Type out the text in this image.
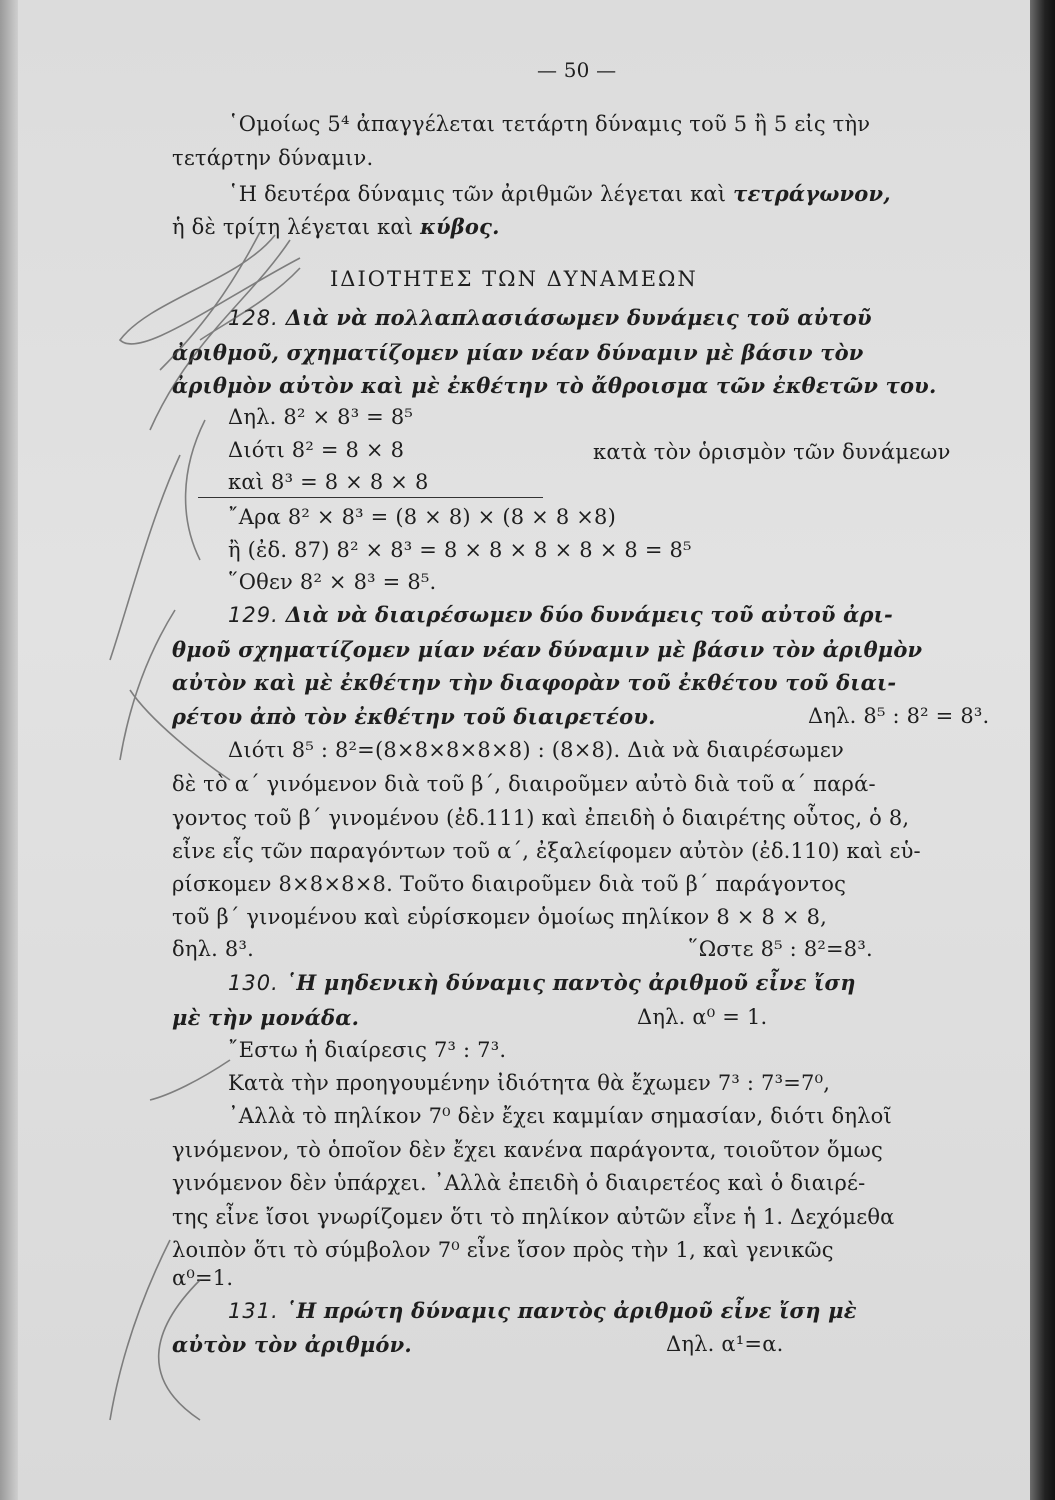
— 50 —
῾Ομοίως 5⁴ ἀπαγγέλεται τετάρτη δύναμις τοῦ 5 ἢ 5 εἰς τὴν
τετάρτην δύναμιν.
῾Η δευτέρα δύναμις τῶν ἀριθμῶν λέγεται καὶ τετράγωνον,
ἡ δὲ τρίτη λέγεται καὶ κύβος.
ΙΔΙΟΤΗΤΕΣ ΤΩΝ ΔΥΝΑΜΕΩΝ
128. Διὰ νὰ πολλαπλασιάσωμεν δυνάμεις τοῦ αὐτοῦ
ἀριθμοῦ, σχηματίζομεν μίαν νέαν δύναμιν μὲ βάσιν τὸν
ἀριθμὸν αὐτὸν καὶ μὲ ἐκθέτην τὸ ἄθροισμα τῶν ἐκθετῶν του.
Δηλ. 8² × 8³ = 8⁵
Διότι 8² = 8 × 8	κατὰ τὸν ὁρισμὸν τῶν δυνάμεων
καὶ 8³ = 8 × 8 × 8
῎Αρα 8² × 8³ = (8 × 8) × (8 × 8 ×8)
ἢ (ἐδ. 87) 8² × 8³ = 8 × 8 × 8 × 8 × 8 = 8⁵
῞Οθεν 8² × 8³ = 8⁵.
129. Διὰ νὰ διαιρέσωμεν δύο δυνάμεις τοῦ αὐτοῦ ἀρι-
θμοῦ σχηματίζομεν μίαν νέαν δύναμιν μὲ βάσιν τὸν ἀριθμὸν
αὐτὸν καὶ μὲ ἐκθέτην τὴν διαφορὰν τοῦ ἐκθέτου τοῦ διαι-
ρέτου ἀπὸ τὸν ἐκθέτην τοῦ διαιρετέου.	Δηλ. 8⁵ : 8² = 8³.
Διότι 8⁵ : 8²=(8×8×8×8×8) : (8×8). Διὰ νὰ διαιρέσωμεν
δὲ τὸ α΄ γινόμενον διὰ τοῦ β΄, διαιροῦμεν αὐτὸ διὰ τοῦ α΄ παρά-
γοντος τοῦ β΄ γινομένου (ἐδ.111) καὶ ἐπειδὴ ὁ διαιρέτης οὗτος, ὁ 8,
εἶνε εἷς τῶν παραγόντων τοῦ α΄, ἐξαλείφομεν αὐτὸν (ἐδ.110) καὶ εὑ-
ρίσκομεν 8×8×8×8. Τοῦτο διαιροῦμεν διὰ τοῦ β΄ παράγοντος
τοῦ β΄ γινομένου καὶ εὑρίσκομεν ὁμοίως πηλίκον 8 × 8 × 8,
δηλ. 8³.	῞Ωστε 8⁵ : 8²=8³.
130. ῾Η μηδενικὴ δύναμις παντὸς ἀριθμοῦ εἶνε ἴση
μὲ τὴν μονάδα.	Δηλ. α⁰ = 1.
῎Εστω ἡ διαίρεσις 7³ : 7³.
Κατὰ τὴν προηγουμένην ἰδιότητα θὰ ἔχωμεν 7³ : 7³=7⁰,
᾽Αλλὰ τὸ πηλίκον 7⁰ δὲν ἔχει καμμίαν σημασίαν, διότι δηλοῖ
γινόμενον, τὸ ὁποῖον δὲν ἔχει κανένα παράγοντα, τοιοῦτον ὅμως
γινόμενον δὲν ὑπάρχει. ᾽Αλλὰ ἐπειδὴ ὁ διαιρετέος καὶ ὁ διαιρέ-
της εἶνε ἴσοι γνωρίζομεν ὅτι τὸ πηλίκον αὐτῶν εἶνε ἡ 1. Δεχόμεθα
λοιπὸν ὅτι τὸ σύμβολον 7⁰ εἶνε ἴσον πρὸς τὴν 1, καὶ γενικῶς
α⁰=1.
131. ῾Η πρώτη δύναμις παντὸς ἀριθμοῦ εἶνε ἴση μὲ
αὐτὸν τὸν ἀριθμόν.	Δηλ. α¹=α.
